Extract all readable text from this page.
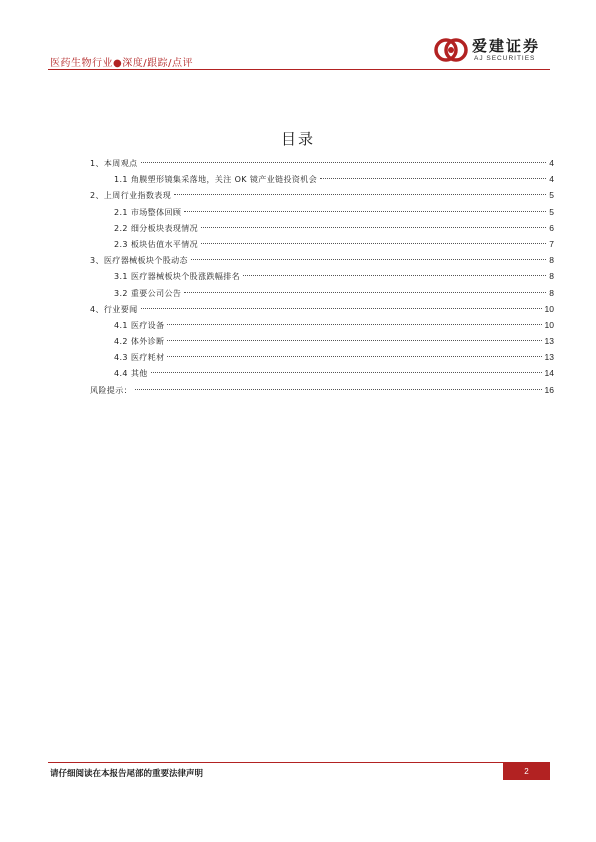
医药生物行业●深度/跟踪/点评
爱建证券
AJ SECURITIES
目录
1、本周观点	4
1.1 角膜塑形镜集采落地，关注 OK 镜产业链投资机会	4
2、上周行业指数表现	5
2.1 市场整体回顾	5
2.2 细分板块表现情况	6
2.3 板块估值水平情况	7
3、医疗器械板块个股动态	8
3.1 医疗器械板块个股涨跌幅排名	8
3.2 重要公司公告	8
4、行业要闻	10
4.1 医疗设备	10
4.2 体外诊断	13
4.3 医疗耗材	13
4.4 其他	14
风险提示：	16
请仔细阅读在本报告尾部的重要法律声明	2
